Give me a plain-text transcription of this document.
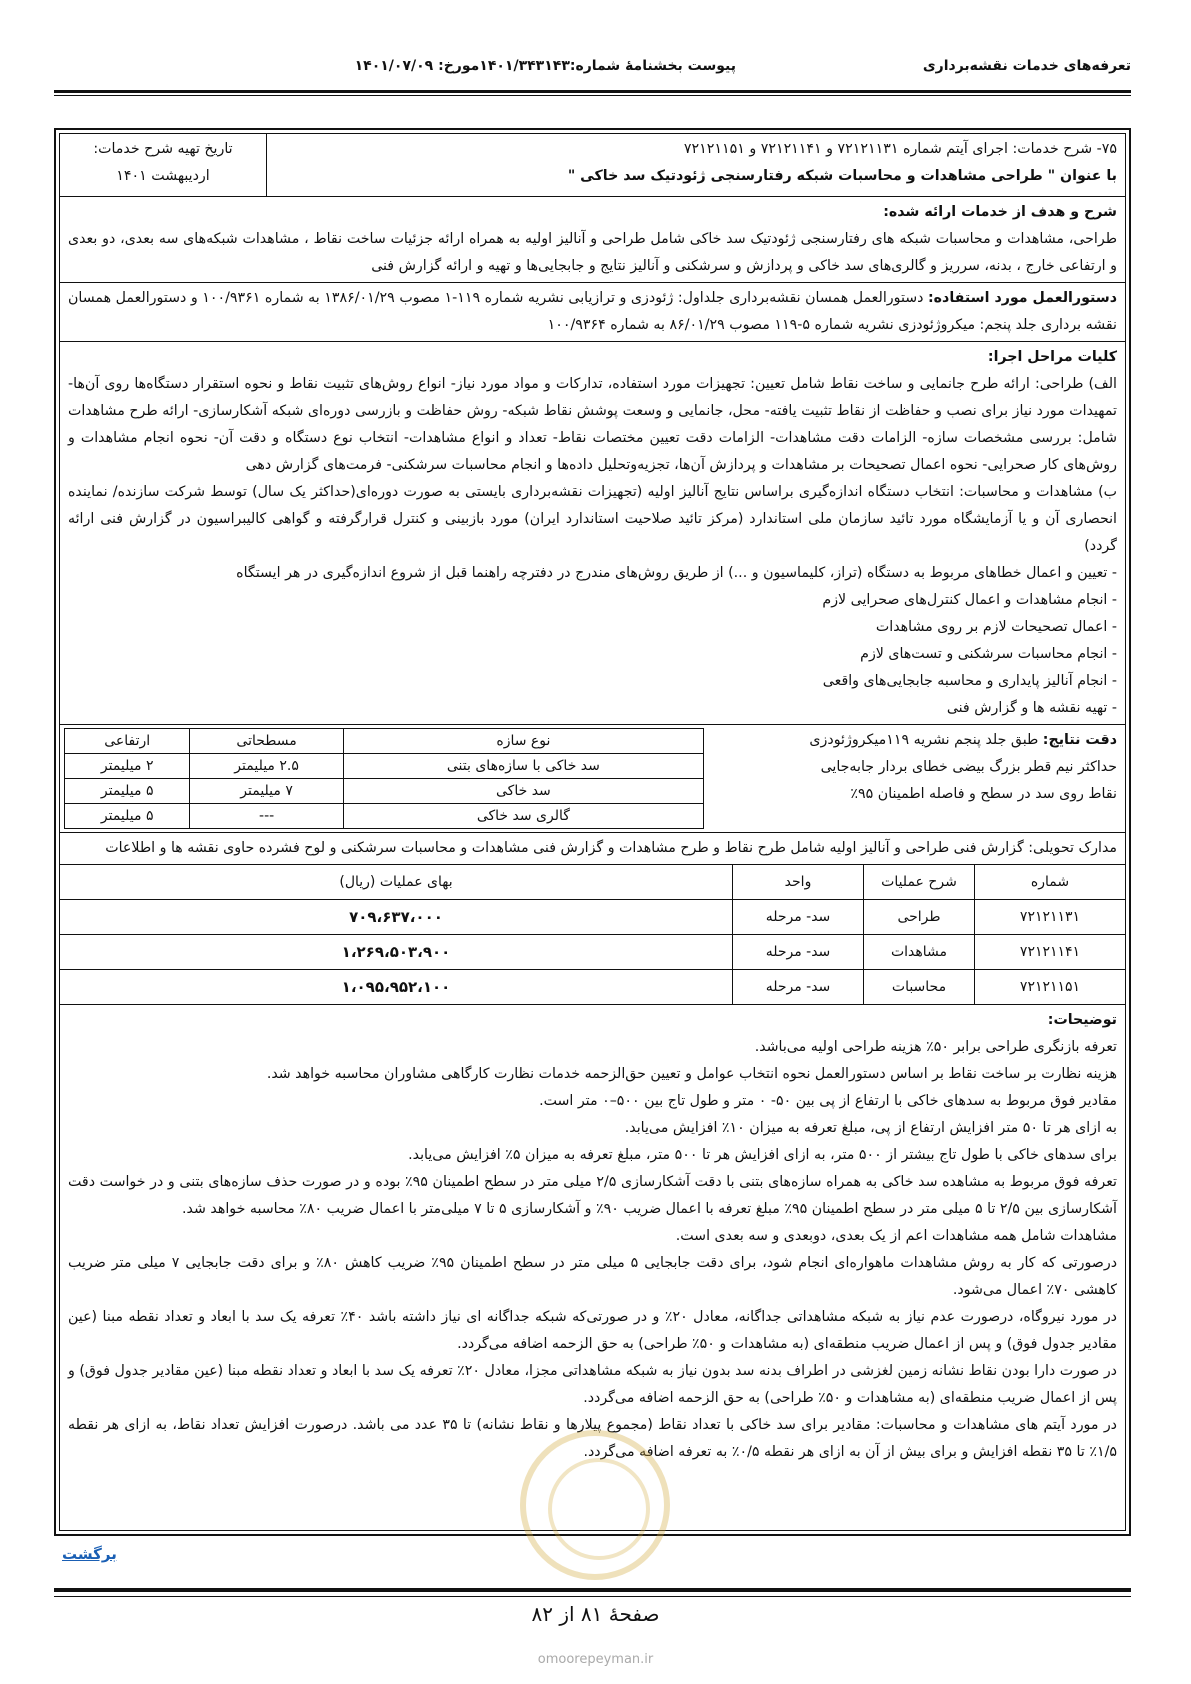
تعرفه‌های خدمات نقشه‌برداری
پیوست بخشنامهٔ شماره:۱۴۰۱/۳۴۳۱۴۳مورخ: ۱۴۰۱/۰۷/۰۹
۷۵- شرح خدمات: اجرای آیتم شماره ۷۲۱۲۱۱۳۱ و ۷۲۱۲۱۱۴۱ و ۷۲۱۲۱۱۵۱
با عنوان " طراحی مشاهدات و محاسبات شبکه رفتارسنجی ژئودتیک سد خاکی "
تاریخ تهیه شرح خدمات:
اردیبهشت ۱۴۰۱
شرح و هدف از خدمات ارائه شده:
طراحی، مشاهدات و محاسبات شبکه های رفتارسنجی ژئودتیک سد خاکی شامل طراحی و آنالیز اولیه به همراه ارائه جزئیات ساخت نقاط ، مشاهدات شبکه‌های سه بعدی، دو بعدی و ارتفاعی خارج ، بدنه، سرریز و گالری‌های سد خاکی و پردازش و سرشکنی و آنالیز نتایج و جابجایی‌ها و تهیه و ارائه گزارش فنی
دستورالعمل مورد استفاده: دستورالعمل همسان نقشه‌برداری جلداول: ژئودزی و ترازیابی نشریه شماره ۱۱۹-۱ مصوب ۱۳۸۶/۰۱/۲۹ به شماره ۱۰۰/۹۳۶۱ و دستورالعمل همسان نقشه برداری جلد پنجم: میکروژئودزی نشریه شماره ۵-۱۱۹ مصوب ۸۶/۰۱/۲۹ به شماره ۱۰۰/۹۳۶۴
کلیات مراحل اجرا:
الف) طراحی: ارائه طرح جانمایی و ساخت نقاط شامل تعیین: تجهیزات مورد استفاده، تدارکات و مواد مورد نیاز- انواع روش‌های تثبیت نقاط و نحوه استقرار دستگاه‌ها روی آن‌ها- تمهیدات مورد نیاز برای نصب و حفاظت از نقاط تثبیت یافته- محل، جانمایی و وسعت پوشش نقاط شبکه- روش حفاظت و بازرسی دوره‌ای شبکه آشکارسازی- ارائه طرح مشاهدات شامل: بررسی مشخصات سازه- الزامات دقت مشاهدات- الزامات دقت تعیین مختصات نقاط- تعداد و انواع مشاهدات- انتخاب نوع دستگاه و دقت آن- نحوه انجام مشاهدات و روش‌های کار صحرایی- نحوه اعمال تصحیحات بر مشاهدات و پردازش آن‌ها، تجزیه‌وتحلیل داده‌ها و انجام محاسبات سرشکنی- فرمت‌های گزارش دهی
ب) مشاهدات و محاسبات: انتخاب دستگاه اندازه‌گیری براساس نتایج آنالیز اولیه (تجهیزات نقشه‌برداری بایستی به صورت دوره‌ای(حداکثر یک سال) توسط شرکت سازنده/ نماینده انحصاری آن و یا آزمایشگاه مورد تائید سازمان ملی استاندارد (مرکز تائید صلاحیت استاندارد ایران) مورد بازبینی و کنترل قرارگرفته و گواهی کالیبراسیون در گزارش فنی ارائه گردد)
- تعیین و اعمال خطاهای مربوط به دستگاه (تراز، کلیماسیون و ...) از طریق روش‌های مندرج در دفترچه راهنما قبل از شروع اندازه‌گیری در هر ایستگاه
- انجام مشاهدات و اعمال کنترل‌های صحرایی لازم
- اعمال تصحیحات لازم بر روی مشاهدات
- انجام محاسبات سرشکنی و تست‌های لازم
- انجام آنالیز پایداری و محاسبه جابجایی‌های واقعی
- تهیه نقشه ها و گزارش فنی
دقت نتایج: طبق جلد پنجم نشریه ۱۱۹میکروژئودزی
حداکثر نیم قطر بزرگ بیضی خطای بردار جابه‌جایی
نقاط روی سد در سطح و فاصله اطمینان ۹۵٪
نوع سازه	مسطحاتی	ارتفاعی
سد خاکی با سازه‌های بتنی	۲.۵ میلیمتر	۲ میلیمتر
سد خاکی	۷ میلیمتر	۵ میلیمتر
گالری سد خاکی	---	۵ میلیمتر
مدارک تحویلی: گزارش فنی طراحی و آنالیز اولیه شامل طرح نقاط و طرح مشاهدات و گزارش فنی مشاهدات و محاسبات سرشکنی و لوح فشرده حاوی نقشه ها و اطلاعات
شماره	شرح عملیات	واحد	بهای عملیات (ریال)
۷۲۱۲۱۱۳۱	طراحی	سد- مرحله	۷۰۹،۶۳۷،۰۰۰
۷۲۱۲۱۱۴۱	مشاهدات	سد- مرحله	۱،۲۶۹،۵۰۳،۹۰۰
۷۲۱۲۱۱۵۱	محاسبات	سد- مرحله	۱،۰۹۵،۹۵۲،۱۰۰
توضیحات:
تعرفه بازنگری طراحی برابر ۵۰٪ هزینه طراحی اولیه می‌باشد.
هزینه نظارت بر ساخت نقاط بر اساس دستورالعمل نحوه انتخاب عوامل و تعیین حق‌الزحمه خدمات نظارت کارگاهی مشاوران محاسبه خواهد شد.
مقادیر فوق مربوط به سدهای خاکی با ارتفاع از پی بین ۵۰- ۰ متر و طول تاج بین ۵۰۰–۰ متر است.
به ازای هر تا ۵۰ متر افزایش ارتفاع از پی، مبلغ تعرفه به میزان ۱۰٪ افزایش می‌یابد.
برای سدهای خاکی با طول تاج بیشتر از ۵۰۰ متر، به ازای افزایش هر تا ۵۰۰ متر، مبلغ تعرفه به میزان ۵٪ افزایش می‌یابد.
تعرفه فوق مربوط به مشاهده سد خاکی به همراه سازه‌های بتنی با دقت آشکارسازی ۲/۵ میلی متر در سطح اطمینان ۹۵٪ بوده و در صورت حذف سازه‌های بتنی و در خواست دقت آشکارسازی بین ۲/۵ تا ۵ میلی متر در سطح اطمینان ۹۵٪ مبلغ تعرفه با اعمال ضریب ۹۰٪ و آشکارسازی ۵ تا ۷ میلی‌متر با اعمال ضریب ۸۰٪ محاسبه خواهد شد.
مشاهدات شامل همه مشاهدات اعم از یک بعدی، دوبعدی و سه بعدی است.
درصورتی که کار به روش مشاهدات ماهواره‌ای انجام شود، برای دقت جابجایی ۵ میلی متر در سطح اطمینان ۹۵٪ ضریب کاهش ۸۰٪ و برای دقت جابجایی ۷ میلی متر ضریب کاهشی ۷۰٪ اعمال می‌شود.
در مورد نیروگاه، درصورت عدم نیاز به شبکه مشاهداتی جداگانه، معادل ۲۰٪ و در صورتی‌که شبکه جداگانه ای نیاز داشته باشد ۴۰٪ تعرفه یک سد با ابعاد و تعداد نقطه مبنا (عین مقادیر جدول فوق) و پس از اعمال ضریب منطقه‌ای (به مشاهدات و ۵۰٪ طراحی) به حق الزحمه اضافه می‌گردد.
در صورت دارا بودن نقاط نشانه زمین لغزشی در اطراف بدنه سد بدون نیاز به شبکه مشاهداتی مجزا، معادل ۲۰٪ تعرفه یک سد با ابعاد و تعداد نقطه مبنا (عین مقادیر جدول فوق) و پس از اعمال ضریب منطقه‌ای (به مشاهدات و ۵۰٪ طراحی) به حق الزحمه اضافه می‌گردد.
در مورد آیتم های مشاهدات و محاسبات: مقادیر برای سد خاکی با تعداد نقاط (مجموع پیلارها و نقاط نشانه) تا ۳۵ عدد می باشد. درصورت افزایش تعداد نقاط، به ازای هر نقطه ۱/۵٪ تا ۳۵ نقطه افزایش و برای بیش از آن به ازای هر نقطه ۰/۵٪ به تعرفه اضافه می‌گردد.
برگشت
صفحهٔ ۸۱ از ۸۲
omoorepeyman.ir
